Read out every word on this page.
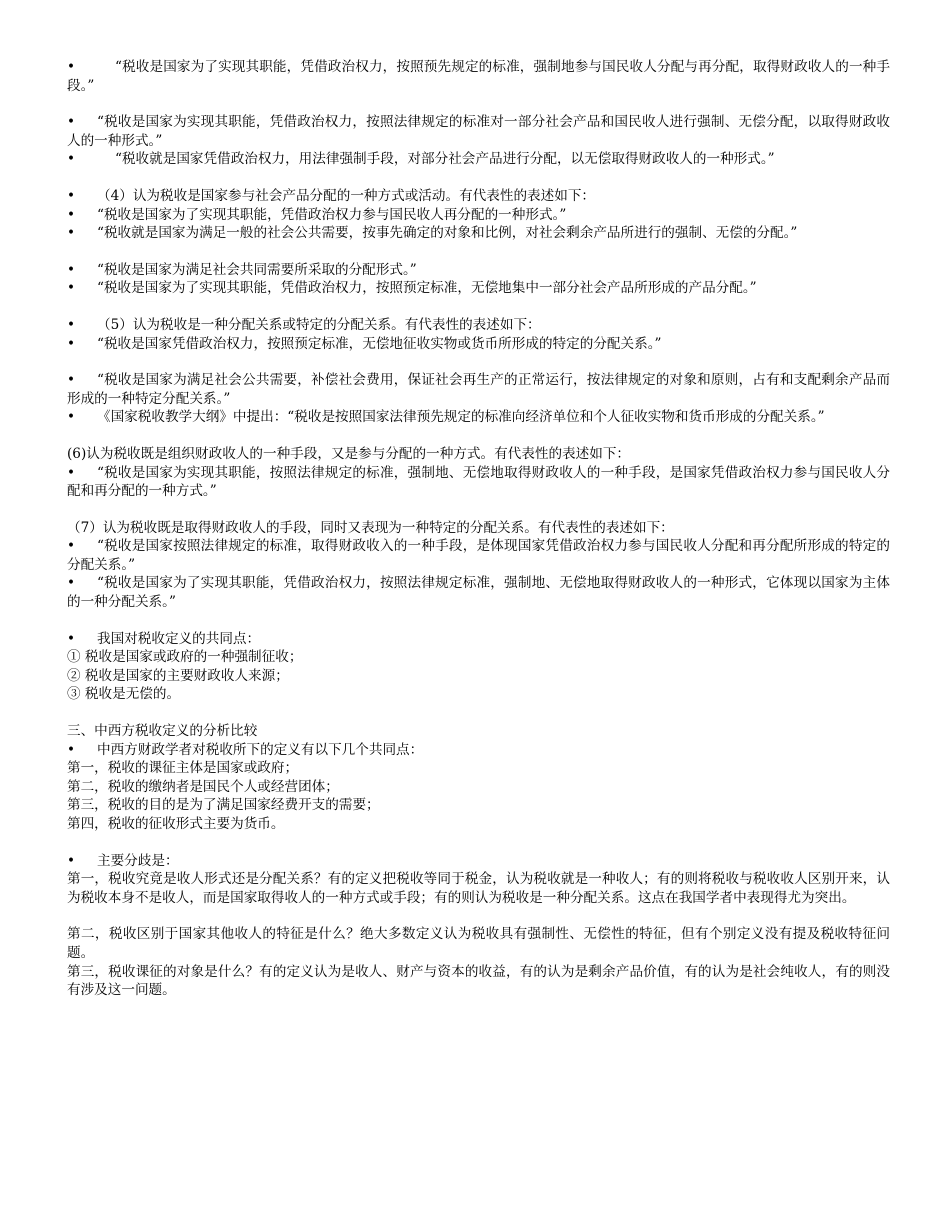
•	“税收是国家为了实现其职能，凭借政治权力，按照预先规定的标准，强制地参与国民收人分配与再分配，取得财政收人的一种手段。”

• “税收是国家为实现其职能，凭借政治权力，按照法律规定的标准对一部分社会产品和国民收人进行强制、无偿分配，以取得财政收人的一种形式。”

•	“税收就是国家凭借政治权力，用法律强制手段，对部分社会产品进行分配，以无偿取得财政收人的一种形式。”

• （4）认为税收是国家参与社会产品分配的一种方式或活动。有代表性的表述如下：

• “税收是国家为了实现其职能，凭借政治权力参与国民收人再分配的一种形式。”

• “税收就是国家为满足一般的社会公共需要，按事先确定的对象和比例，对社会剩余产品所进行的强制、无偿的分配。”

• “税收是国家为满足社会共同需要所采取的分配形式。”

• “税收是国家为了实现其职能，凭借政治权力，按照预定标准，无偿地集中一部分社会产品所形成的产品分配。”

• （5）认为税收是一种分配关系或特定的分配关系。有代表性的表述如下：

• “税收是国家凭借政治权力，按照预定标准，无偿地征收实物或货币所形成的特定的分配关系。”

• “税收是国家为满足社会公共需要，补偿社会费用，保证社会再生产的正常运行，按法律规定的对象和原则，占有和支配剩余产品而形成的一种特定分配关系。”

• 《国家税收教学大纲》中提出：“税收是按照国家法律预先规定的标准向经济单位和个人征收实物和货币形成的分配关系。”

(6)认为税收既是组织财政收人的一种手段，又是参与分配的一种方式。有代表性的表述如下：

• “税收是国家为实现其职能，按照法律规定的标准，强制地、无偿地取得财政收人的一种手段，是国家凭借政治权力参与国民收人分配和再分配的一种方式。”

（7）认为税收既是取得财政收人的手段，同时又表现为一种特定的分配关系。有代表性的表述如下：

• “税收是国家按照法律规定的标准，取得财政收入的一种手段，是体现国家凭借政治权力参与国民收人分配和再分配所形成的特定的分配关系。”

• “税收是国家为了实现其职能，凭借政治权力，按照法律规定标准，强制地、无偿地取得财政收人的一种形式，它体现以国家为主体的一种分配关系。”

• 我国对税收定义的共同点：

① 税收是国家或政府的一种强制征收；

② 税收是国家的主要财政收人来源；

③ 税收是无偿的。

三、中西方税收定义的分析比较

• 中西方财政学者对税收所下的定义有以下几个共同点：

第一，税收的课征主体是国家或政府；

第二，税收的缴纳者是国民个人或经营团体；

第三，税收的目的是为了满足国家经费开支的需要；

第四，税收的征收形式主要为货币。

• 主要分歧是：

第一，税收究竟是收人形式还是分配关系？有的定义把税收等同于税金，认为税收就是一种收人；有的则将税收与税收收人区别开来，认为税收本身不是收人，而是国家取得收人的一种方式或手段；有的则认为税收是一种分配关系。这点在我国学者中表现得尤为突出。

第二，税收区别于国家其他收人的特征是什么？绝大多数定义认为税收具有强制性、无偿性的特征，但有个别定义没有提及税收特征问题。

第三，税收课征的对象是什么？有的定义认为是收人、财产与资本的收益，有的认为是剩余产品价值，有的认为是社会纯收人，有的则没有涉及这一问题。
